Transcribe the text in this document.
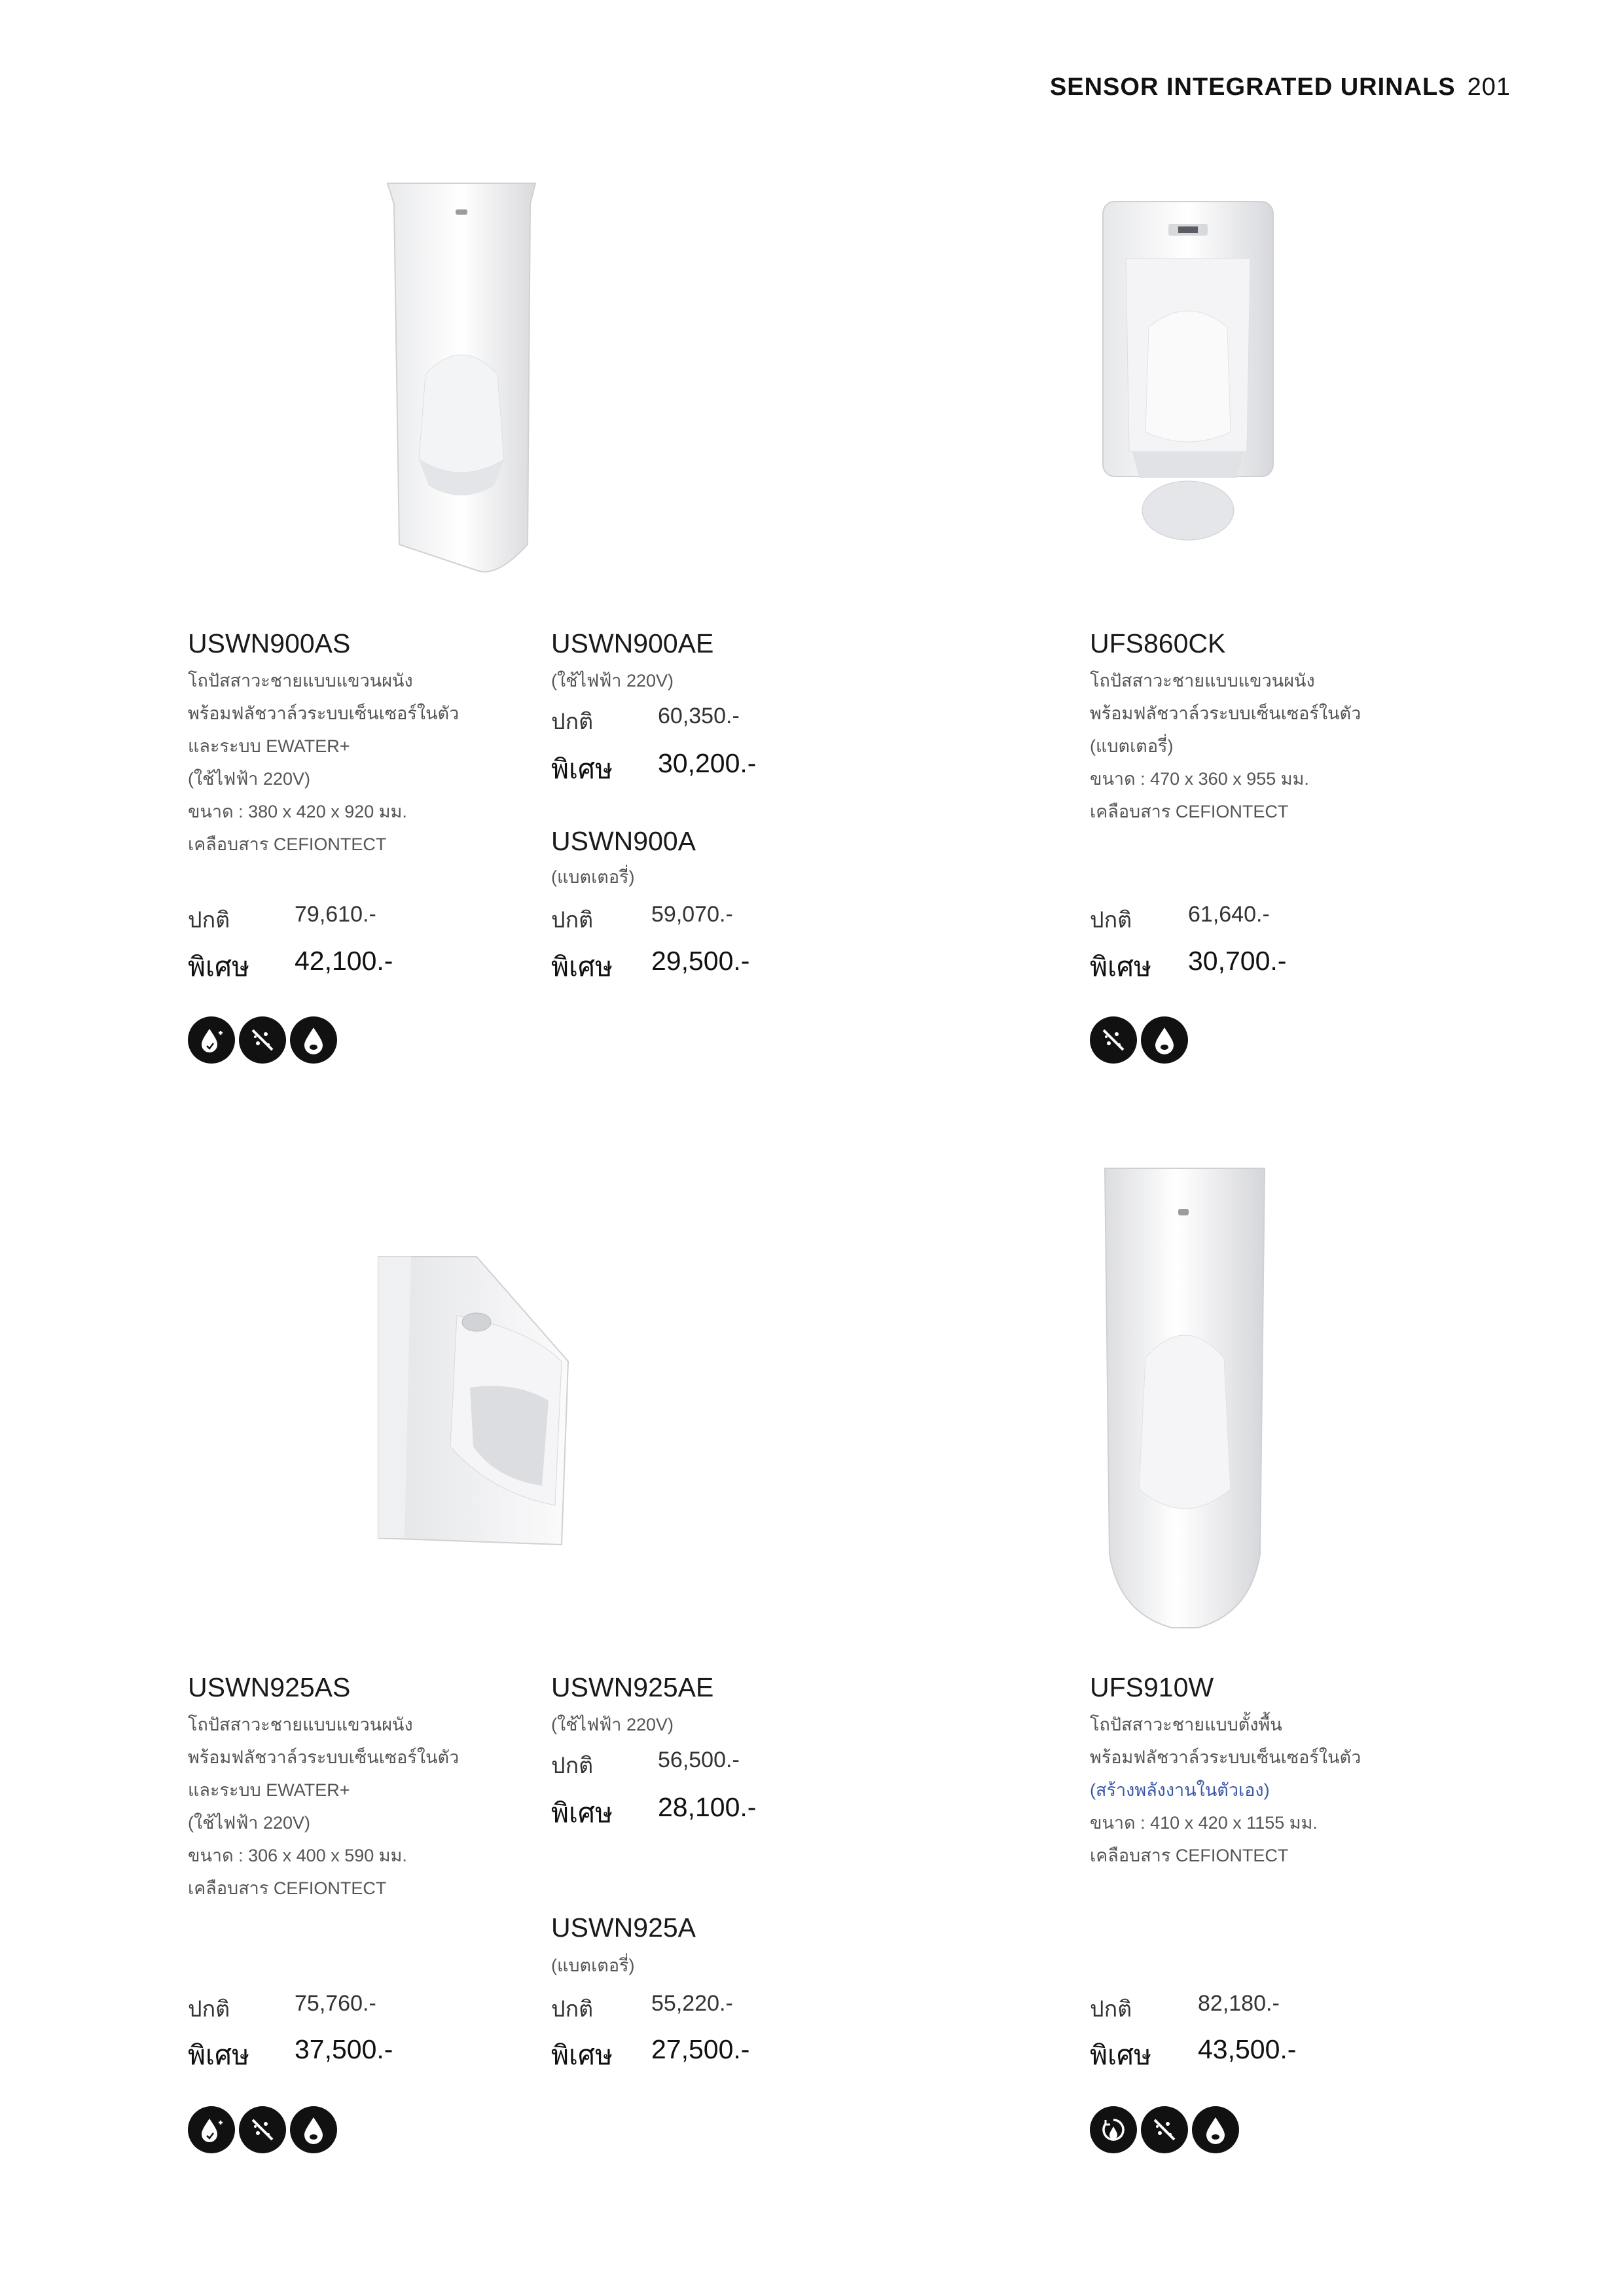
SENSOR INTEGRATED URINALS 201
USWN900AS
โถปัสสาวะชายแบบแขวนผนัง
พร้อมฟลัชวาล์วระบบเซ็นเซอร์ในตัว
และระบบ EWATER+
(ใช้ไฟฟ้า 220V)
ขนาด : 380 x 420 x 920 มม.
เคลือบสาร CEFIONTECT
ปกติ	79,610.-
พิเศษ 42,100.-
USWN900AE
(ใช้ไฟฟ้า 220V)
ปกติ	60,350.-
พิเศษ 30,200.-
USWN900A
(แบตเตอรี่)
ปกติ	59,070.-
พิเศษ 29,500.-
UFS860CK
โถปัสสาวะชายแบบแขวนผนัง
พร้อมฟลัชวาล์วระบบเซ็นเซอร์ในตัว
(แบตเตอรี่)
ขนาด : 470 x 360 x 955 มม.
เคลือบสาร CEFIONTECT
ปกติ	61,640.-
พิเศษ 30,700.-
USWN925AS
โถปัสสาวะชายแบบแขวนผนัง
พร้อมฟลัชวาล์วระบบเซ็นเซอร์ในตัว
และระบบ EWATER+
(ใช้ไฟฟ้า 220V)
ขนาด : 306 x 400 x 590 มม.
เคลือบสาร CEFIONTECT
ปกติ	75,760.-
พิเศษ 37,500.-
USWN925AE
(ใช้ไฟฟ้า 220V)
ปกติ	56,500.-
พิเศษ 28,100.-
USWN925A
(แบตเตอรี่)
ปกติ	55,220.-
พิเศษ 27,500.-
UFS910W
โถปัสสาวะชายแบบตั้งพื้น
พร้อมฟลัชวาล์วระบบเซ็นเซอร์ในตัว
(สร้างพลังงานในตัวเอง)
ขนาด : 410 x 420 x 1155 มม.
เคลือบสาร CEFIONTECT
ปกติ	82,180.-
พิเศษ 43,500.-
